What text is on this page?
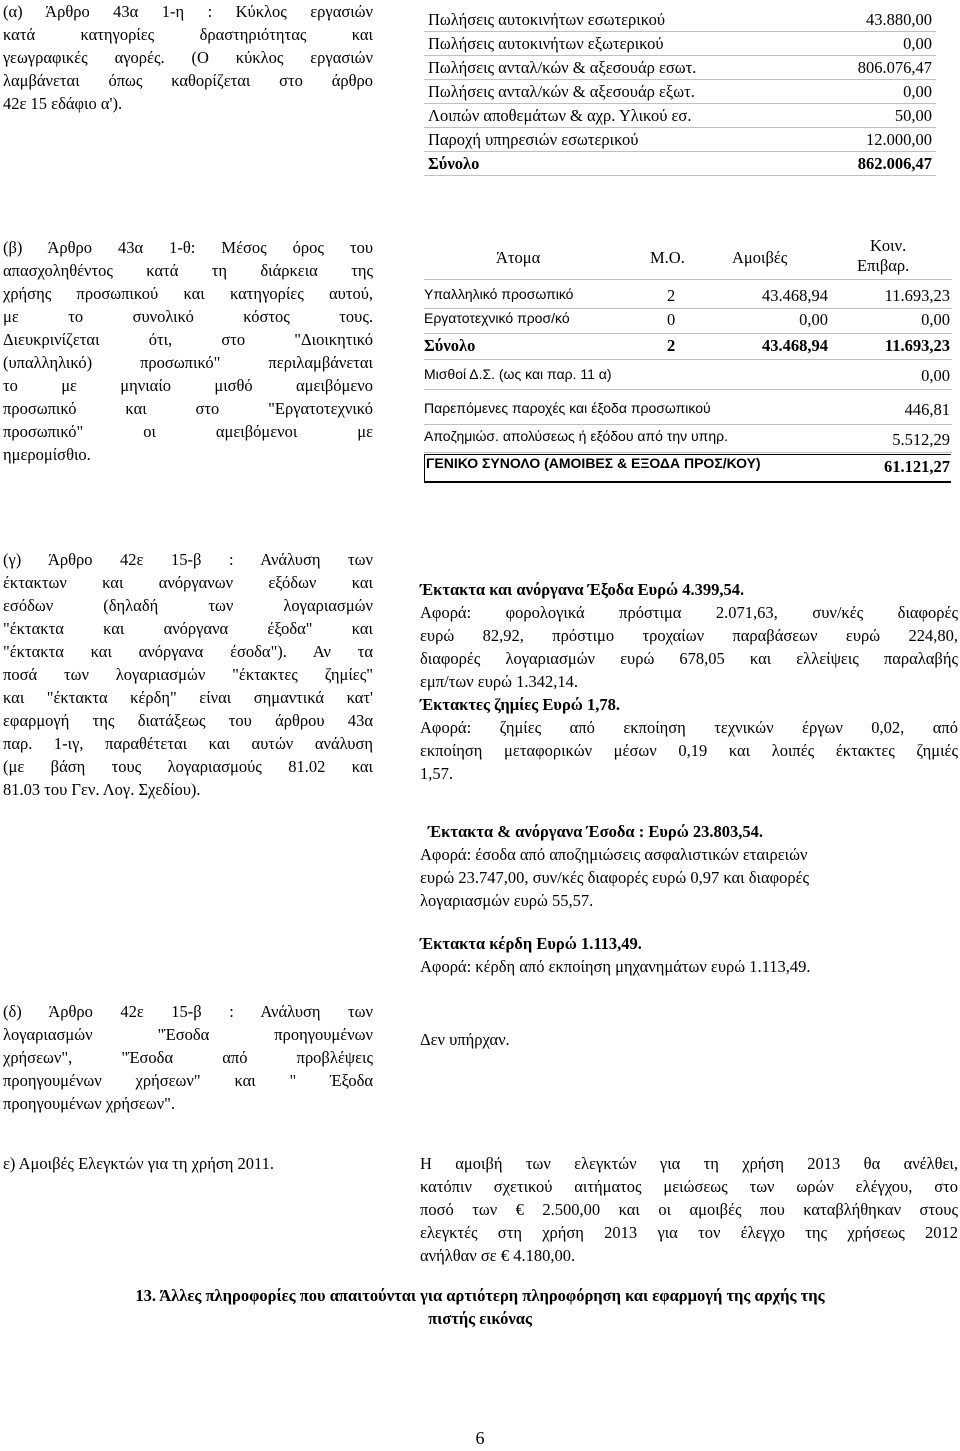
(α) Άρθρο 43α 1-η : Κύκλος εργασιών
κατά κατηγορίες δραστηριότητας και
γεωγραφικές αγορές. (Ο κύκλος εργασιών
λαμβάνεται όπως καθορίζεται στο άρθρο
42ε 15 εδάφιο α').
Πωλήσεις αυτοκινήτων εσωτερικού	43.880,00
Πωλήσεις αυτοκινήτων εξωτερικού	0,00
Πωλήσεις ανταλ/κών & αξεσουάρ εσωτ.	806.076,47
Πωλήσεις ανταλ/κών & αξεσουάρ εξωτ.	0,00
Λοιπών αποθεμάτων & αχρ. Υλικού εσ.	50,00
Παροχή υπηρεσιών εσωτερικού	12.000,00
Σύνολο	862.006,47
(β) Άρθρο 43α 1-θ: Μέσος όρος του
απασχοληθέντος κατά τη διάρκεια της
χρήσης προσωπικού και κατηγορίες αυτού,
με το συνολικό κόστος τους.
Διευκρινίζεται ότι, στο "Διοικητικό
(υπαλληλικό) προσωπικό" περιλαμβάνεται
το με μηνιαίο μισθό αμειβόμενο
προσωπικό και στο "Εργατοτεχνικό
προσωπικό" οι αμειβόμενοι με
ημερομίσθιο.
Άτομα	Μ.Ο.	Αμοιβές
Κοιν.
Επιβαρ.
Υπαλληλικό προσωπικό	2	43.468,94	11.693,23
Εργατοτεχνικό προσ/κό	0	0,00	0,00
Σύνολο	2	43.468,94	11.693,23
Μισθοί Δ.Σ. (ως και παρ. 11 α)	0,00
Παρεπόμενες παροχές και έξοδα προσωπικού	446,81
Αποζημιώσ. απολύσεως ή εξόδου από την υπηρ.	5.512,29
ΓΕΝΙΚΟ ΣΥΝΟΛΟ (ΑΜΟΙΒΕΣ & ΕΞΟΔΑ ΠΡΟΣ/ΚΟΥ)	61.121,27
(γ) Άρθρο 42ε 15-β : Ανάλυση των
έκτακτων και ανόργανων εξόδων και
εσόδων (δηλαδή των λογαριασμών
"έκτακτα και ανόργανα έξοδα" και
"έκτακτα και ανόργανα έσοδα"). Αν τα
ποσά των λογαριασμών "έκτακτες ζημίες"
και "έκτακτα κέρδη" είναι σημαντικά κατ'
εφαρμογή της διατάξεως του άρθρου 43α
παρ. 1-ιγ, παραθέτεται και αυτών ανάλυση
(με βάση τους λογαριασμούς 81.02 και
81.03 του Γεν. Λογ. Σχεδίου).
Έκτακτα και ανόργανα Έξοδα Ευρώ 4.399,54.
Αφορά: φορολογικά πρόστιμα 2.071,63, συν/κές διαφορές
ευρώ 82,92, πρόστιμο τροχαίων παραβάσεων ευρώ 224,80,
διαφορές λογαριασμών ευρώ 678,05 και ελλείψεις παραλαβής
εμπ/των ευρώ 1.342,14.
Έκτακτες ζημίες Ευρώ 1,78.
Αφορά: ζημίες από εκποίηση τεχνικών έργων 0,02, από
εκποίηση μεταφορικών μέσων 0,19 και λοιπές έκτακτες ζημιές
1,57.
Έκτακτα & ανόργανα Έσοδα : Ευρώ 23.803,54.
Αφορά: έσοδα από αποζημιώσεις ασφαλιστικών εταιρειών
ευρώ 23.747,00, συν/κές διαφορές ευρώ 0,97 και διαφορές
λογαριασμών ευρώ 55,57.
Έκτακτα κέρδη Ευρώ 1.113,49.
Αφορά: κέρδη από εκποίηση μηχανημάτων ευρώ 1.113,49.
(δ) Άρθρο 42ε 15-β : Ανάλυση των
λογαριασμών "Έσοδα προηγουμένων
χρήσεων", "Έσοδα από προβλέψεις
προηγουμένων χρήσεων" και " Έξοδα
προηγουμένων χρήσεων".
Δεν υπήρχαν.
ε) Αμοιβές Ελεγκτών για τη χρήση 2011.	Η αμοιβή των ελεγκτών για τη χρήση 2013 θα ανέλθει,
κατόπιν σχετικού αιτήματος μειώσεως των ωρών ελέγχου, στο
ποσό των € 2.500,00 και οι αμοιβές που καταβλήθηκαν στους
ελεγκτές στη χρήση 2013 για τον έλεγχο της χρήσεως 2012
ανήλθαν σε € 4.180,00.
13. Άλλες πληροφορίες που απαιτούνται για αρτιότερη πληροφόρηση και εφαρμογή της αρχής της
πιστής εικόνας
6
